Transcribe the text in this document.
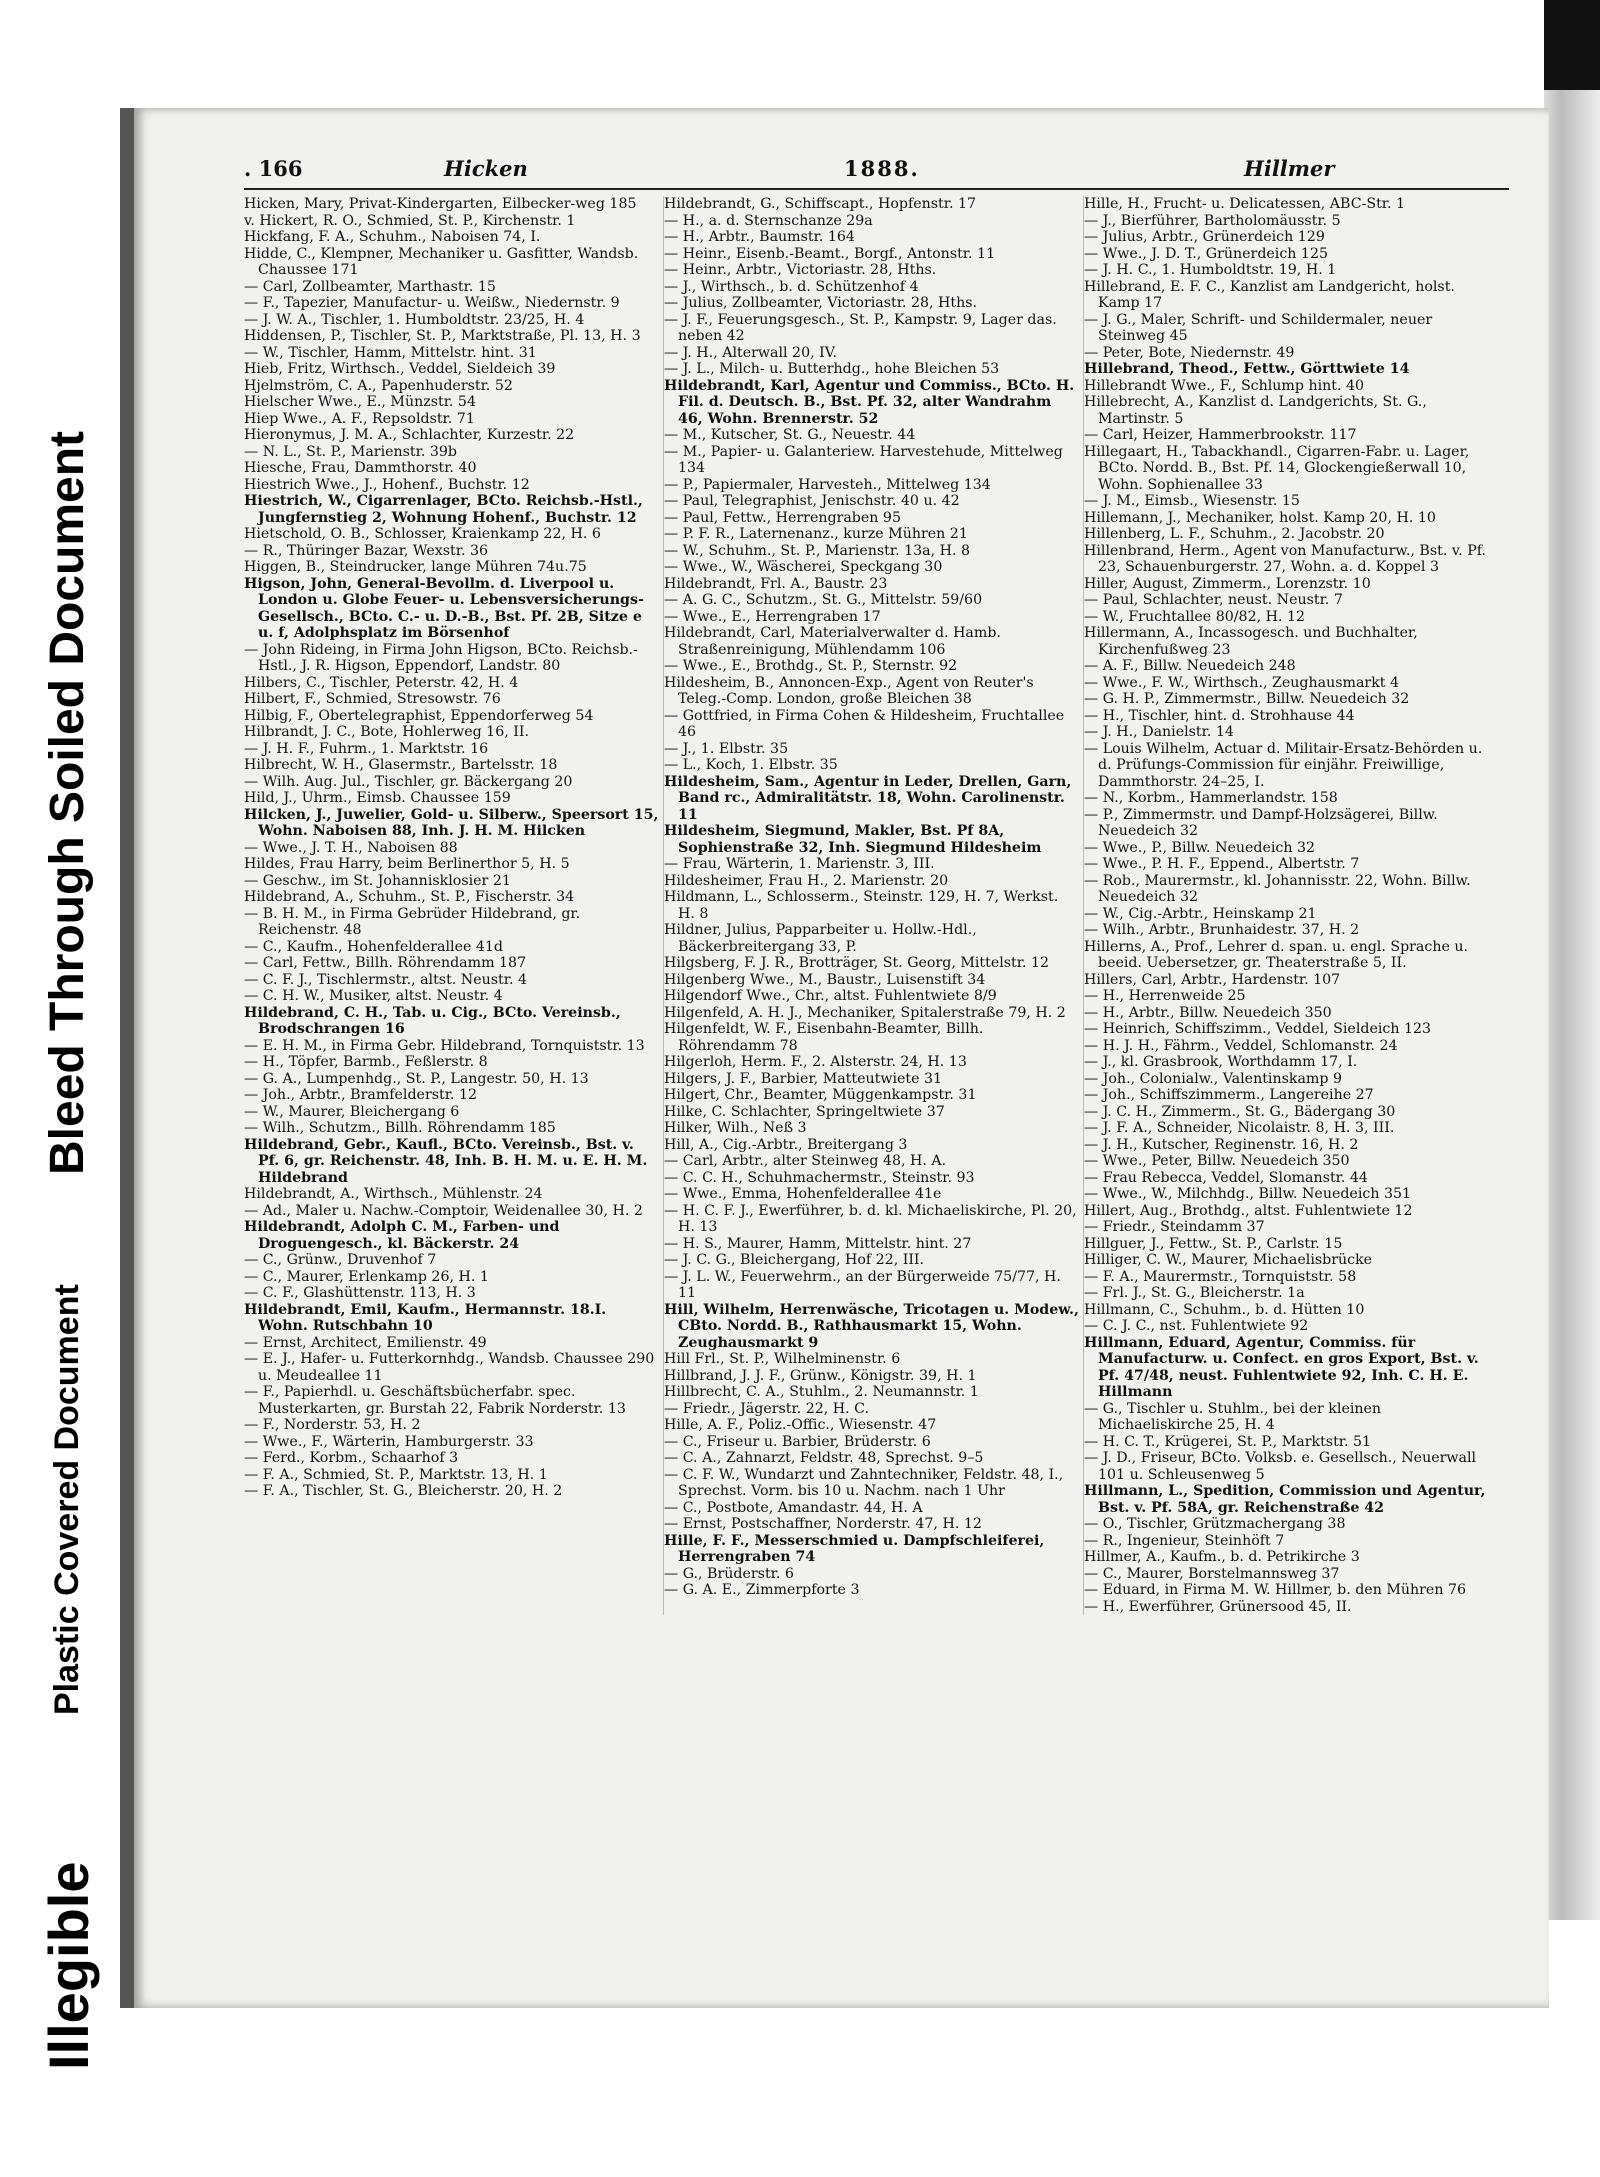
Bleed Through Soiled Document
Plastic Covered Document
Illegible
. 166	Hicken	1888.	Hillmer

Hicken, Mary, Privat-Kindergarten, Eilbecker-weg 185

v. Hickert, R. O., Schmied, St. P., Kirchenstr. 1

Hickfang, F. A., Schuhm., Naboisen 74, I.

Hidde, C., Klempner, Mechaniker u. Gasfitter, Wandsb. Chaussee 171

— Carl, Zollbeamter, Marthastr. 15

— F., Tapezier, Manufactur- u. Weißw., Niedernstr. 9

— J. W. A., Tischler, 1. Humboldtstr. 23/25, H. 4

Hiddensen, P., Tischler, St. P., Marktstraße, Pl. 13, H. 3

— W., Tischler, Hamm, Mittelstr. hint. 31

Hieb, Fritz, Wirthsch., Veddel, Sieldeich 39

Hjelmström, C. A., Papenhuderstr. 52

Hielscher Wwe., E., Münzstr. 54

Hiep Wwe., A. F., Repsoldstr. 71

Hieronymus, J. M. A., Schlachter, Kurzestr. 22

— N. L., St. P., Marienstr. 39b

Hiesche, Frau, Dammthorstr. 40

Hiestrich Wwe., J., Hohenf., Buchstr. 12

Hiestrich, W., Cigarrenlager, BCto. Reichsb.-Hstl., Jungfernstieg 2, Wohnung Hohenf., Buchstr. 12

Hietschold, O. B., Schlosser, Kraienkamp 22, H. 6

— R., Thüringer Bazar, Wexstr. 36

Higgen, B., Steindrucker, lange Mühren 74u.75

Higson, John, General-Bevollm. d. Liverpool u. London u. Globe Feuer- u. Lebensversicherungs-Gesellsch., BCto. C.- u. D.-B., Bst. Pf. 2B, Sitze e u. f, Adolphsplatz im Börsenhof

— John Rideing, in Firma John Higson, BCto. Reichsb.-Hstl., J. R. Higson, Eppendorf, Landstr. 80

Hilbers, C., Tischler, Peterstr. 42, H. 4

Hilbert, F., Schmied, Stresowstr. 76

Hilbig, F., Obertelegraphist, Eppendorferweg 54

Hilbrandt, J. C., Bote, Hohlerweg 16, II.

— J. H. F., Fuhrm., 1. Marktstr. 16

Hilbrecht, W. H., Glasermstr., Bartelsstr. 18

— Wilh. Aug. Jul., Tischler, gr. Bäckergang 20

Hild, J., Uhrm., Eimsb. Chaussee 159

Hilcken, J., Juwelier, Gold- u. Silberw., Speersort 15, Wohn. Naboisen 88, Inh. J. H. M. Hilcken

— Wwe., J. T. H., Naboisen 88

Hildes, Frau Harry, beim Berlinerthor 5, H. 5

— Geschw., im St. Johannisklosier 21

Hildebrand, A., Schuhm., St. P., Fischerstr. 34

— B. H. M., in Firma Gebrüder Hildebrand, gr. Reichenstr. 48

— C., Kaufm., Hohenfelderallee 41d

— Carl, Fettw., Billh. Röhrendamm 187

— C. F. J., Tischlermstr., altst. Neustr. 4

— C. H. W., Musiker, altst. Neustr. 4

Hildebrand, C. H., Tab. u. Cig., BCto. Vereinsb., Brodschrangen 16

— E. H. M., in Firma Gebr. Hildebrand, Tornquiststr. 13

— H., Töpfer, Barmb., Feßlerstr. 8

— G. A., Lumpenhdg., St. P., Langestr. 50, H. 13

— Joh., Arbtr., Bramfelderstr. 12

— W., Maurer, Bleichergang 6

— Wilh., Schutzm., Billh. Röhrendamm 185

Hildebrand, Gebr., Kaufl., BCto. Vereinsb., Bst. v. Pf. 6, gr. Reichenstr. 48, Inh. B. H. M. u. E. H. M. Hildebrand

Hildebrandt, A., Wirthsch., Mühlenstr. 24

— Ad., Maler u. Nachw.-Comptoir, Weidenallee 30, H. 2

Hildebrandt, Adolph C. M., Farben- und Droguengesch., kl. Bäckerstr. 24

— C., Grünw., Druvenhof 7

— C., Maurer, Erlenkamp 26, H. 1

— C. F., Glashüttenstr. 113, H. 3

Hildebrandt, Emil, Kaufm., Hermannstr. 18.I. Wohn. Rutschbahn 10

— Ernst, Architect, Emilienstr. 49

— E. J., Hafer- u. Futterkornhdg., Wandsb. Chaussee 290 u. Meudeallee 11

— F., Papierhdl. u. Geschäftsbücherfabr. spec. Musterkarten, gr. Burstah 22, Fabrik Norderstr. 13

— F., Norderstr. 53, H. 2

— Wwe., F., Wärterin, Hamburgerstr. 33

— Ferd., Korbm., Schaarhof 3

— F. A., Schmied, St. P., Marktstr. 13, H. 1

— F. A., Tischler, St. G., Bleicherstr. 20, H. 2

Hildebrandt, G., Schiffscapt., Hopfenstr. 17

— H., a. d. Sternschanze 29a

— H., Arbtr., Baumstr. 164

— Heinr., Eisenb.-Beamt., Borgf., Antonstr. 11

— Heinr., Arbtr., Victoriastr. 28, Hths.

— J., Wirthsch., b. d. Schützenhof 4

— Julius, Zollbeamter, Victoriastr. 28, Hths.

— J. F., Feuerungsgesch., St. P., Kampstr. 9, Lager das. neben 42

— J. H., Alterwall 20, IV.

— J. L., Milch- u. Butterhdg., hohe Bleichen 53

Hildebrandt, Karl, Agentur und Commiss., BCto. H. Fil. d. Deutsch. B., Bst. Pf. 32, alter Wandrahm 46, Wohn. Brennerstr. 52

— M., Kutscher, St. G., Neuestr. 44

— M., Papier- u. Galanteriew. Harvestehude, Mittelweg 134

— P., Papiermaler, Harvesteh., Mittelweg 134

— Paul, Telegraphist, Jenischstr. 40 u. 42

— Paul, Fettw., Herrengraben 95

— P. F. R., Laternenanz., kurze Mühren 21

— W., Schuhm., St. P., Marienstr. 13a, H. 8

— Wwe., W., Wäscherei, Speckgang 30

Hildebrandt, Frl. A., Baustr. 23

— A. G. C., Schutzm., St. G., Mittelstr. 59/60

— Wwe., E., Herrengraben 17

Hildebrandt, Carl, Materialverwalter d. Hamb. Straßenreinigung, Mühlendamm 106

— Wwe., E., Brothdg., St. P., Sternstr. 92

Hildesheim, B., Annoncen-Exp., Agent von Reuter's Teleg.-Comp. London, große Bleichen 38

— Gottfried, in Firma Cohen & Hildesheim, Fruchtallee 46

— J., 1. Elbstr. 35

— L., Koch, 1. Elbstr. 35

Hildesheim, Sam., Agentur in Leder, Drellen, Garn, Band rc., Admiralitätstr. 18, Wohn. Carolinenstr. 11

Hildesheim, Siegmund, Makler, Bst. Pf 8A, Sophienstraße 32, Inh. Siegmund Hildesheim

— Frau, Wärterin, 1. Marienstr. 3, III.

Hildesheimer, Frau H., 2. Marienstr. 20

Hildmann, L., Schlosserm., Steinstr. 129, H. 7, Werkst. H. 8

Hildner, Julius, Papparbeiter u. Hollw.-Hdl., Bäckerbreitergang 33, P.

Hilgsberg, F. J. R., Brotträger, St. Georg, Mittelstr. 12

Hilgenberg Wwe., M., Baustr., Luisenstift 34

Hilgendorf Wwe., Chr., altst. Fuhlentwiete 8/9

Hilgenfeld, A. H. J., Mechaniker, Spitalerstraße 79, H. 2

Hilgenfeldt, W. F., Eisenbahn-Beamter, Billh. Röhrendamm 78

Hilgerloh, Herm. F., 2. Alsterstr. 24, H. 13

Hilgers, J. F., Barbier, Matteutwiete 31

Hilgert, Chr., Beamter, Müggenkampstr. 31

Hilke, C. Schlachter, Springeltwiete 37

Hilker, Wilh., Neß 3

Hill, A., Cig.-Arbtr., Breitergang 3

— Carl, Arbtr., alter Steinweg 48, H. A.

— C. C. H., Schuhmachermstr., Steinstr. 93

— Wwe., Emma, Hohenfelderallee 41e

— H. C. F. J., Ewerführer, b. d. kl. Michaeliskirche, Pl. 20, H. 13

— H. S., Maurer, Hamm, Mittelstr. hint. 27

— J. C. G., Bleichergang, Hof 22, III.

— J. L. W., Feuerwehrm., an der Bürgerweide 75/77, H. 11

Hill, Wilhelm, Herrenwäsche, Tricotagen u. Modew., CBto. Nordd. B., Rathhausmarkt 15, Wohn. Zeughausmarkt 9

Hill Frl., St. P., Wilhelminenstr. 6

Hillbrand, J. J. F., Grünw., Königstr. 39, H. 1

Hillbrecht, C. A., Stuhlm., 2. Neumannstr. 1

— Friedr., Jägerstr. 22, H. C.

Hille, A. F., Poliz.-Offic., Wiesenstr. 47

— C., Friseur u. Barbier, Brüderstr. 6

— C. A., Zahnarzt, Feldstr. 48, Sprechst. 9–5

— C. F. W., Wundarzt und Zahntechniker, Feldstr. 48, I., Sprechst. Vorm. bis 10 u. Nachm. nach 1 Uhr

— C., Postbote, Amandastr. 44, H. A

— Ernst, Postschaffner, Norderstr. 47, H. 12

Hille, F. F., Messerschmied u. Dampfschleiferei, Herrengraben 74

— G., Brüderstr. 6

— G. A. E., Zimmerpforte 3

Hille, H., Frucht- u. Delicatessen, ABC-Str. 1

— J., Bierführer, Bartholomäusstr. 5

— Julius, Arbtr., Grünerdeich 129

— Wwe., J. D. T., Grünerdeich 125

— J. H. C., 1. Humboldtstr. 19, H. 1

Hillebrand, E. F. C., Kanzlist am Landgericht, holst. Kamp 17

— J. G., Maler, Schrift- und Schildermaler, neuer Steinweg 45

— Peter, Bote, Niedernstr. 49

Hillebrand, Theod., Fettw., Görttwiete 14

Hillebrandt Wwe., F., Schlump hint. 40

Hillebrecht, A., Kanzlist d. Landgerichts, St. G., Martinstr. 5

— Carl, Heizer, Hammerbrookstr. 117

Hillegaart, H., Tabackhandl., Cigarren-Fabr. u. Lager, BCto. Nordd. B., Bst. Pf. 14, Glockengießerwall 10, Wohn. Sophienallee 33

— J. M., Eimsb., Wiesenstr. 15

Hillemann, J., Mechaniker, holst. Kamp 20, H. 10

Hillenberg, L. F., Schuhm., 2. Jacobstr. 20

Hillenbrand, Herm., Agent von Manufacturw., Bst. v. Pf. 23, Schauenburgerstr. 27, Wohn. a. d. Koppel 3

Hiller, August, Zimmerm., Lorenzstr. 10

— Paul, Schlachter, neust. Neustr. 7

— W., Fruchtallee 80/82, H. 12

Hillermann, A., Incassogesch. und Buchhalter, Kirchenfußweg 23

— A. F., Billw. Neuedeich 248

— Wwe., F. W., Wirthsch., Zeughausmarkt 4

— G. H. P., Zimmermstr., Billw. Neuedeich 32

— H., Tischler, hint. d. Strohhause 44

— J. H., Danielstr. 14

— Louis Wilhelm, Actuar d. Militair-Ersatz-Behörden u. d. Prüfungs-Commission für einjähr. Freiwillige, Dammthorstr. 24–25, I.

— N., Korbm., Hammerlandstr. 158

— P., Zimmermstr. und Dampf-Holzsägerei, Billw. Neuedeich 32

— Wwe., P., Billw. Neuedeich 32

— Wwe., P. H. F., Eppend., Albertstr. 7

— Rob., Maurermstr., kl. Johannisstr. 22, Wohn. Billw. Neuedeich 32

— W., Cig.-Arbtr., Heinskamp 21

— Wilh., Arbtr., Brunhaidestr. 37, H. 2

Hillerns, A., Prof., Lehrer d. span. u. engl. Sprache u. beeid. Uebersetzer, gr. Theaterstraße 5, II.

Hillers, Carl, Arbtr., Hardenstr. 107

— H., Herrenweide 25

— H., Arbtr., Billw. Neuedeich 350

— Heinrich, Schiffszimm., Veddel, Sieldeich 123

— H. J. H., Fährm., Veddel, Schlomanstr. 24

— J., kl. Grasbrook, Worthdamm 17, I.

— Joh., Colonialw., Valentinskamp 9

— Joh., Schiffszimmerm., Langereihe 27

— J. C. H., Zimmerm., St. G., Bädergang 30

— J. F. A., Schneider, Nicolaistr. 8, H. 3, III.

— J. H., Kutscher, Reginenstr. 16, H. 2

— Wwe., Peter, Billw. Neuedeich 350

— Frau Rebecca, Veddel, Slomanstr. 44

— Wwe., W., Milchhdg., Billw. Neuedeich 351

Hillert, Aug., Brothdg., altst. Fuhlentwiete 12

— Friedr., Steindamm 37

Hillguer, J., Fettw., St. P., Carlstr. 15

Hilliger, C. W., Maurer, Michaelisbrücke

— F. A., Maurermstr., Tornquiststr. 58

— Frl. J., St. G., Bleicherstr. 1a

Hillmann, C., Schuhm., b. d. Hütten 10

— C. J. C., nst. Fuhlentwiete 92

Hillmann, Eduard, Agentur, Commiss. für Manufacturw. u. Confect. en gros Export, Bst. v. Pf. 47/48, neust. Fuhlentwiete 92, Inh. C. H. E. Hillmann

— G., Tischler u. Stuhlm., bei der kleinen Michaeliskirche 25, H. 4

— H. C. T., Krügerei, St. P., Marktstr. 51

— J. D., Friseur, BCto. Volksb. e. Gesellsch., Neuerwall 101 u. Schleusenweg 5

Hillmann, L., Spedition, Commission und Agentur, Bst. v. Pf. 58A, gr. Reichenstraße 42

— O., Tischler, Grützmachergang 38

— R., Ingenieur, Steinhöft 7

Hillmer, A., Kaufm., b. d. Petrikirche 3

— C., Maurer, Borstelmannsweg 37

— Eduard, in Firma M. W. Hillmer, b. den Mühren 76

— H., Ewerführer, Grünersood 45, II.
